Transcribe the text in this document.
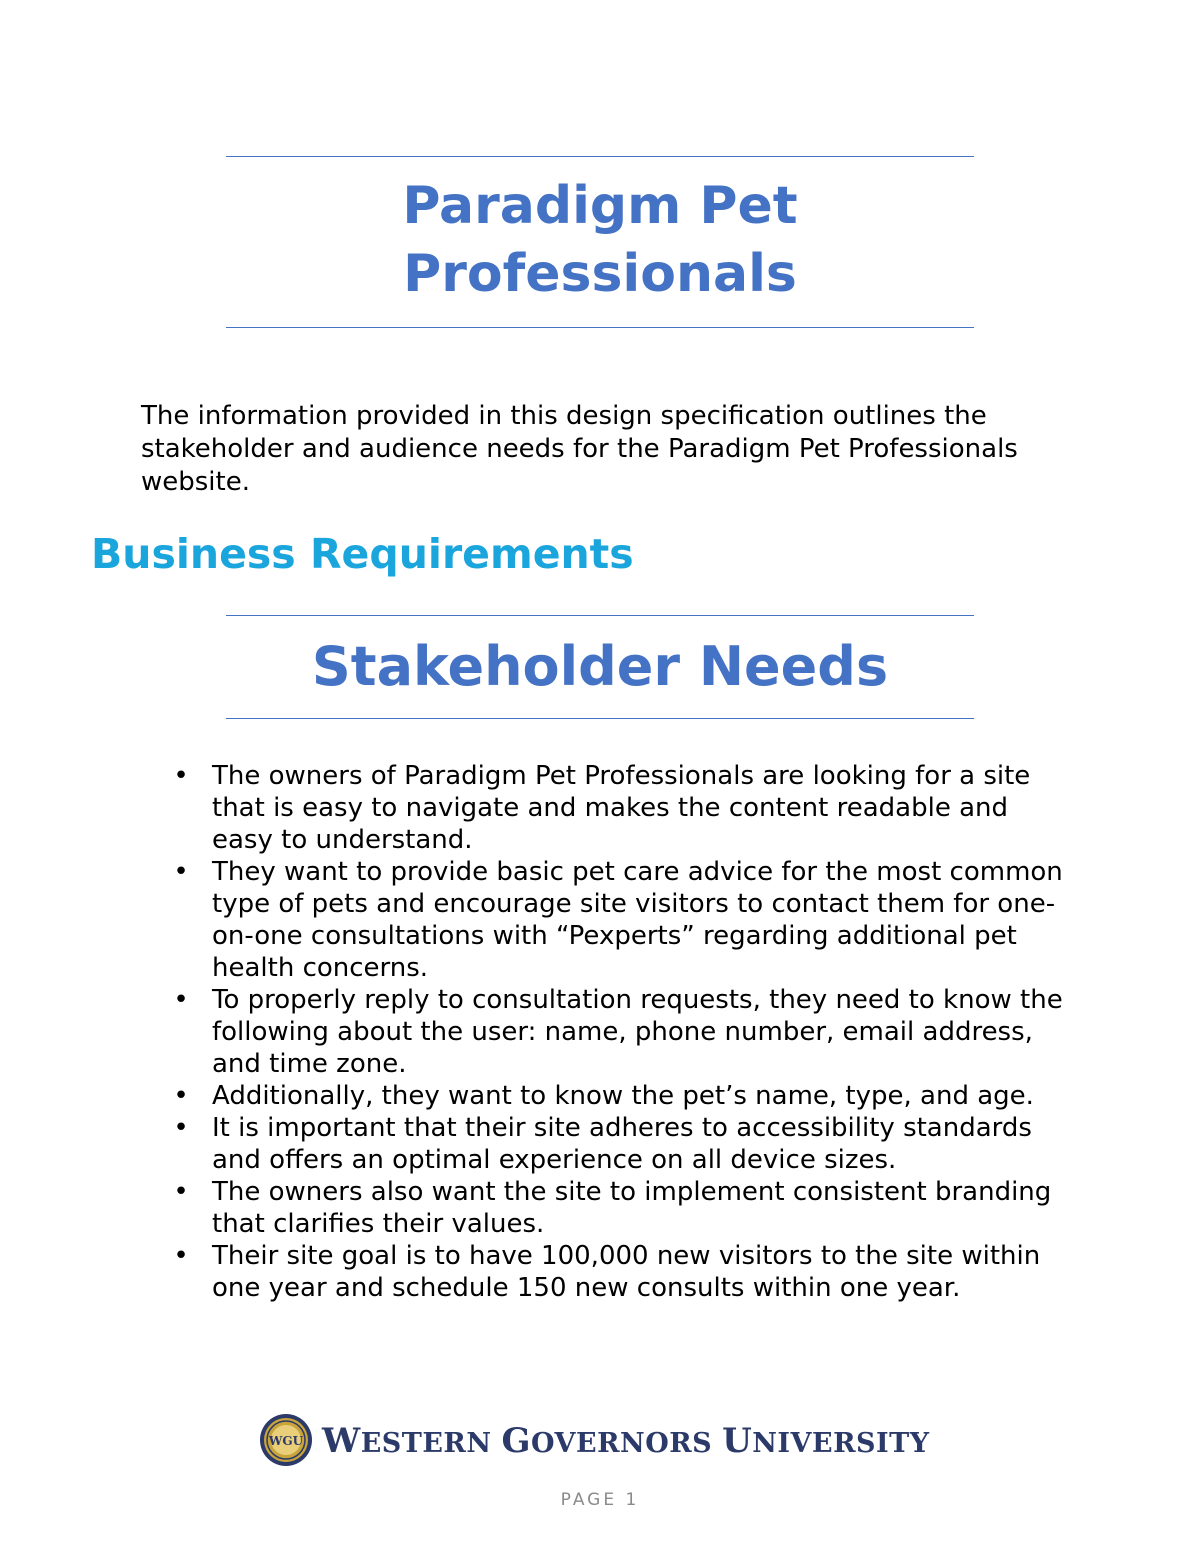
Paradigm Pet
Professionals

The information provided in this design specification outlines the stakeholder and audience needs for the Paradigm Pet Professionals website.

Business Requirements
Stakeholder Needs
• The owners of Paradigm Pet Professionals are looking for a site that is easy to navigate and makes the content readable and easy to understand.
• They want to provide basic pet care advice for the most common type of pets and encourage site visitors to contact them for one-on-one consultations with “Pexperts” regarding additional pet health concerns.
• To properly reply to consultation requests, they need to know the following about the user: name, phone number, email address, and time zone.
• Additionally, they want to know the pet’s name, type, and age.
• It is important that their site adheres to accessibility standards and offers an optimal experience on all device sizes.
• The owners also want the site to implement consistent branding that clarifies their values.
• Their site goal is to have 100,000 new visitors to the site within one year and schedule 150 new consults within one year.
WGU WESTERN GOVERNORS UNIVERSITY
PAGE 1
